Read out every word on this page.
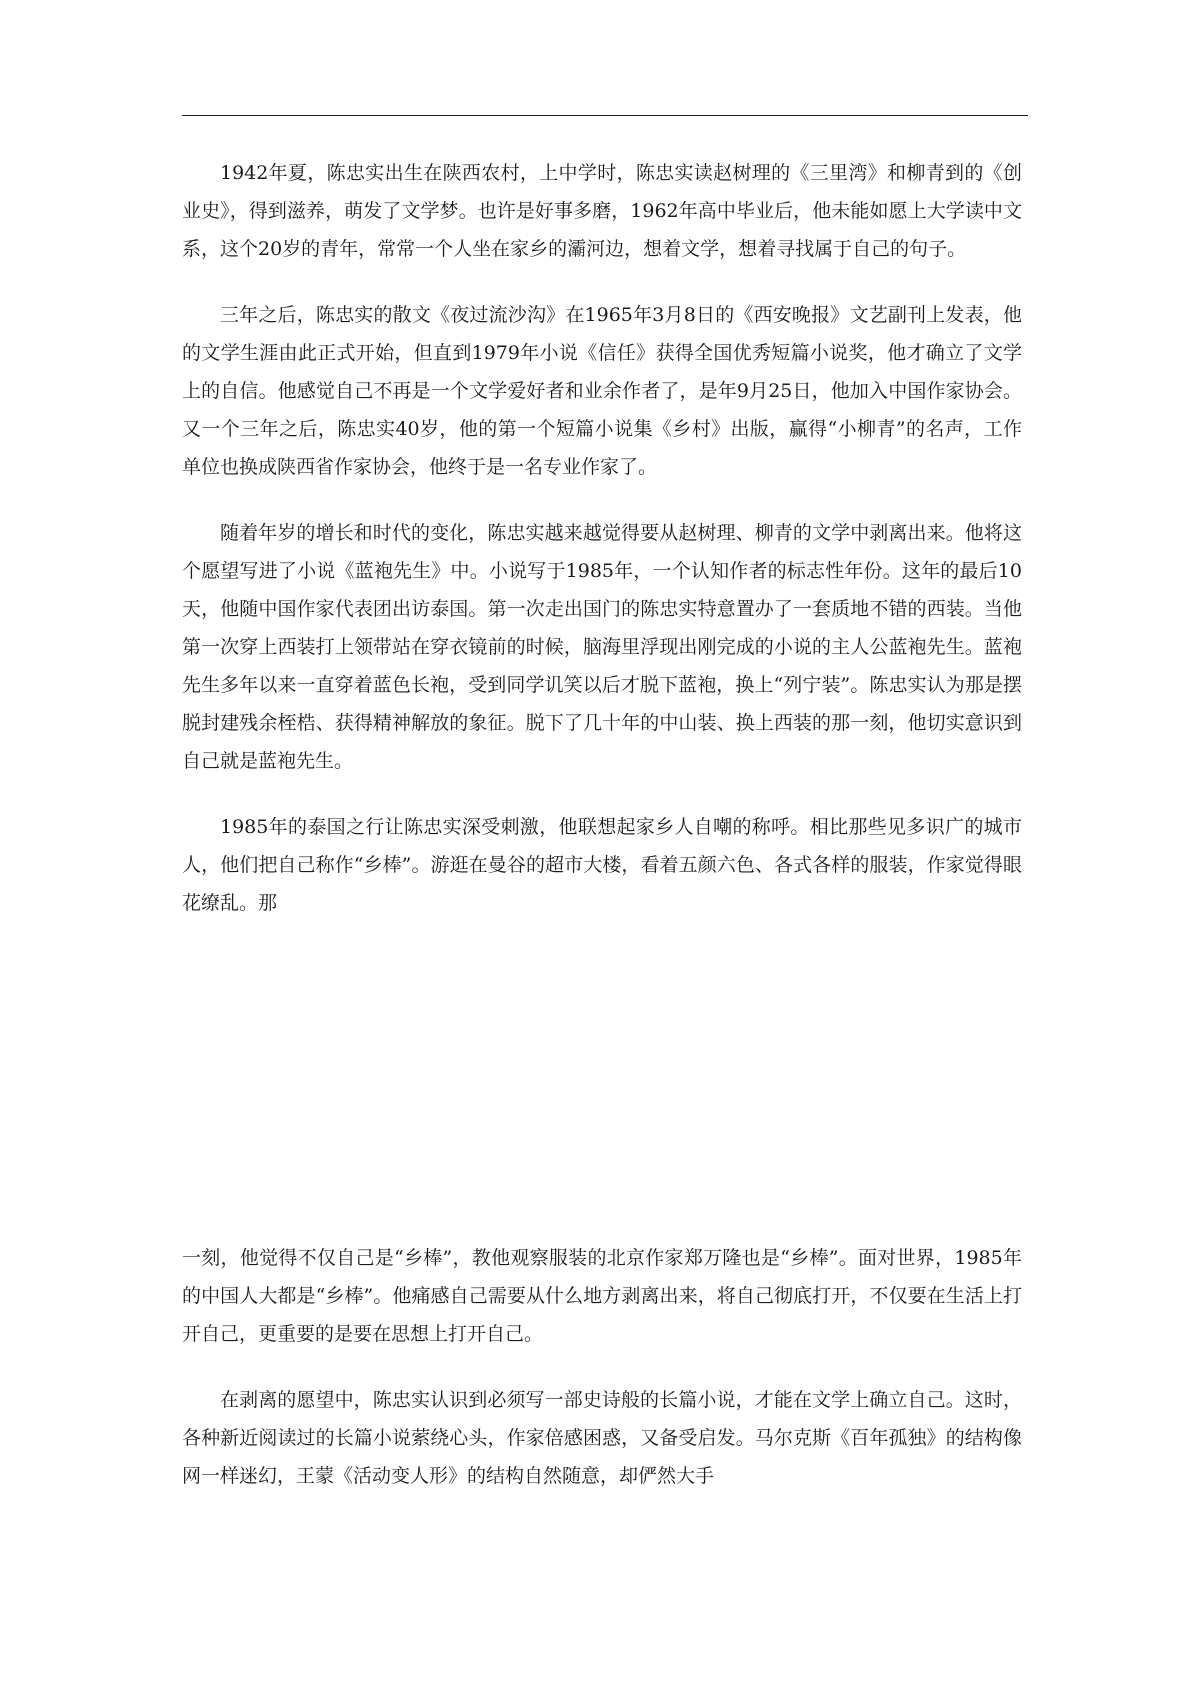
1942年夏，陈忠实出生在陕西农村，上中学时，陈忠实读赵树理的《三里湾》和柳青到的《创业史》，得到滋养，萌发了文学梦。也许是好事多磨，1962年高中毕业后，他未能如愿上大学读中文系，这个20岁的青年，常常一个人坐在家乡的灞河边，想着文学，想着寻找属于自己的句子。

三年之后，陈忠实的散文《夜过流沙沟》在1965年3月8日的《西安晚报》文艺副刊上发表，他的文学生涯由此正式开始，但直到1979年小说《信任》获得全国优秀短篇小说奖，他才确立了文学上的自信。他感觉自己不再是一个文学爱好者和业余作者了，是年9月25日，他加入中国作家协会。又一个三年之后，陈忠实40岁，他的第一个短篇小说集《乡村》出版，赢得“小柳青”的名声，工作单位也换成陕西省作家协会，他终于是一名专业作家了。

随着年岁的增长和时代的变化，陈忠实越来越觉得要从赵树理、柳青的文学中剥离出来。他将这个愿望写进了小说《蓝袍先生》中。小说写于1985年，一个认知作者的标志性年份。这年的最后10天，他随中国作家代表团出访泰国。第一次走出国门的陈忠实特意置办了一套质地不错的西装。当他第一次穿上西装打上领带站在穿衣镜前的时候，脑海里浮现出刚完成的小说的主人公蓝袍先生。蓝袍先生多年以来一直穿着蓝色长袍，受到同学讥笑以后才脱下蓝袍，换上“列宁装”。陈忠实认为那是摆脱封建残余桎梏、获得精神解放的象征。脱下了几十年的中山装、换上西装的那一刻，他切实意识到自己就是蓝袍先生。

1985年的泰国之行让陈忠实深受刺激，他联想起家乡人自嘲的称呼。相比那些见多识广的城市人，他们把自己称作“乡棒”。游逛在曼谷的超市大楼，看着五颜六色、各式各样的服装，作家觉得眼花缭乱。那

一刻，他觉得不仅自己是“乡棒”，教他观察服装的北京作家郑万隆也是“乡棒”。面对世界，1985年的中国人大都是“乡棒”。他痛感自己需要从什么地方剥离出来，将自己彻底打开，不仅要在生活上打开自己，更重要的是要在思想上打开自己。

在剥离的愿望中，陈忠实认识到必须写一部史诗般的长篇小说，才能在文学上确立自己。这时，各种新近阅读过的长篇小说萦绕心头，作家倍感困惑，又备受启发。马尔克斯《百年孤独》的结构像网一样迷幻，王蒙《活动变人形》的结构自然随意，却俨然大手
